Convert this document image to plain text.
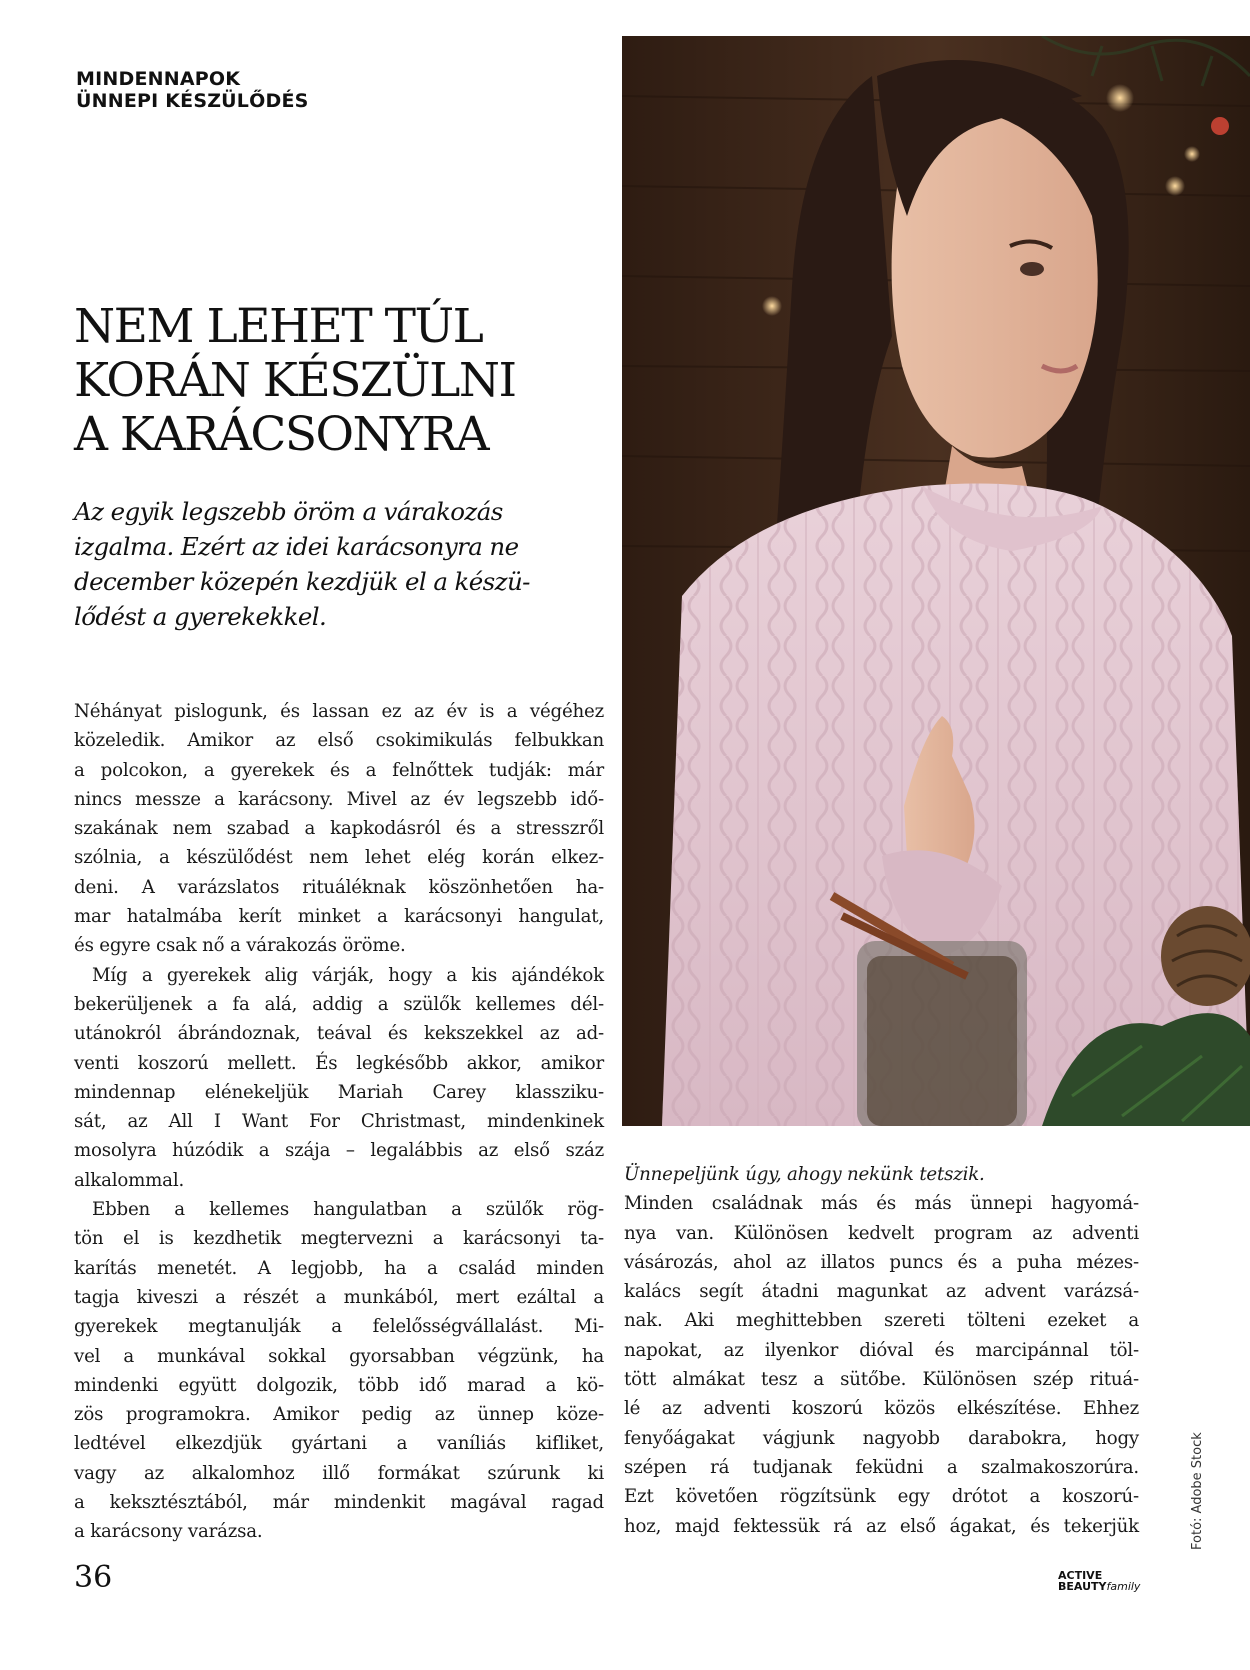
MINDENNAPOK
ÜNNEPI KÉSZÜLŐDÉS
NEM LEHET TÚL
KORÁN KÉSZÜLNI
A KARÁCSONYRA
Az egyik legszebb öröm a várakozás
izgalma. Ezért az idei karácsonyra ne
december közepén kezdjük el a készü-
lődést a gyerekekkel.
Néhányat pislogunk, és lassan ez az év is a végéhez
közeledik. Amikor az első csokimikulás felbukkan
a polcokon, a gyerekek és a felnőttek tudják: már
nincs messze a karácsony. Mivel az év legszebb idő-
szakának nem szabad a kapkodásról és a stresszről
szólnia, a készülődést nem lehet elég korán elkez-
deni. A varázslatos rituáléknak köszönhetően ha-
mar hatalmába kerít minket a karácsonyi hangulat,
és egyre csak nő a várakozás öröme.
Míg a gyerekek alig várják, hogy a kis ajándékok
bekerüljenek a fa alá, addig a szülők kellemes dél-
utánokról ábrándoznak, teával és kekszekkel az ad-
venti koszorú mellett. És legkésőbb akkor, amikor
mindennap elénekeljük Mariah Carey klassziku-
sát, az All I Want For Christmast, mindenkinek
mosolyra húzódik a szája – legalábbis az első száz
alkalommal.
Ebben a kellemes hangulatban a szülők rög-
tön el is kezdhetik megtervezni a karácsonyi ta-
karítás menetét. A legjobb, ha a család minden
tagja kiveszi a részét a munkából, mert ezáltal a
gyerekek megtanulják a felelősségvállalást. Mi-
vel a munkával sokkal gyorsabban végzünk, ha
mindenki együtt dolgozik, több idő marad a kö-
zös programokra. Amikor pedig az ünnep köze-
ledtével elkezdjük gyártani a vaníliás kifliket,
vagy az alkalomhoz illő formákat szúrunk ki
a keksztésztából, már mindenkit magával ragad
a karácsony varázsa.
Ünnepeljünk úgy, ahogy nekünk tetszik.
Minden családnak más és más ünnepi hagyomá-
nya van. Különösen kedvelt program az adventi
vásározás, ahol az illatos puncs és a puha mézes-
kalács segít átadni magunkat az advent varázsá-
nak. Aki meghittebben szereti tölteni ezeket a
napokat, az ilyenkor dióval és marcipánnal töl-
tött almákat tesz a sütőbe. Különösen szép rituá-
lé az adventi koszorú közös elkészítése. Ehhez
fenyőágakat vágjunk nagyobb darabokra, hogy
szépen rá tudjanak feküdni a szalmakoszorúra.
Ezt követően rögzítsünk egy drótot a koszorú-
hoz, majd fektessük rá az első ágakat, és tekerjük	Fotó: Adobe Stock
36	ACTIVE
BEAUTYfamily
